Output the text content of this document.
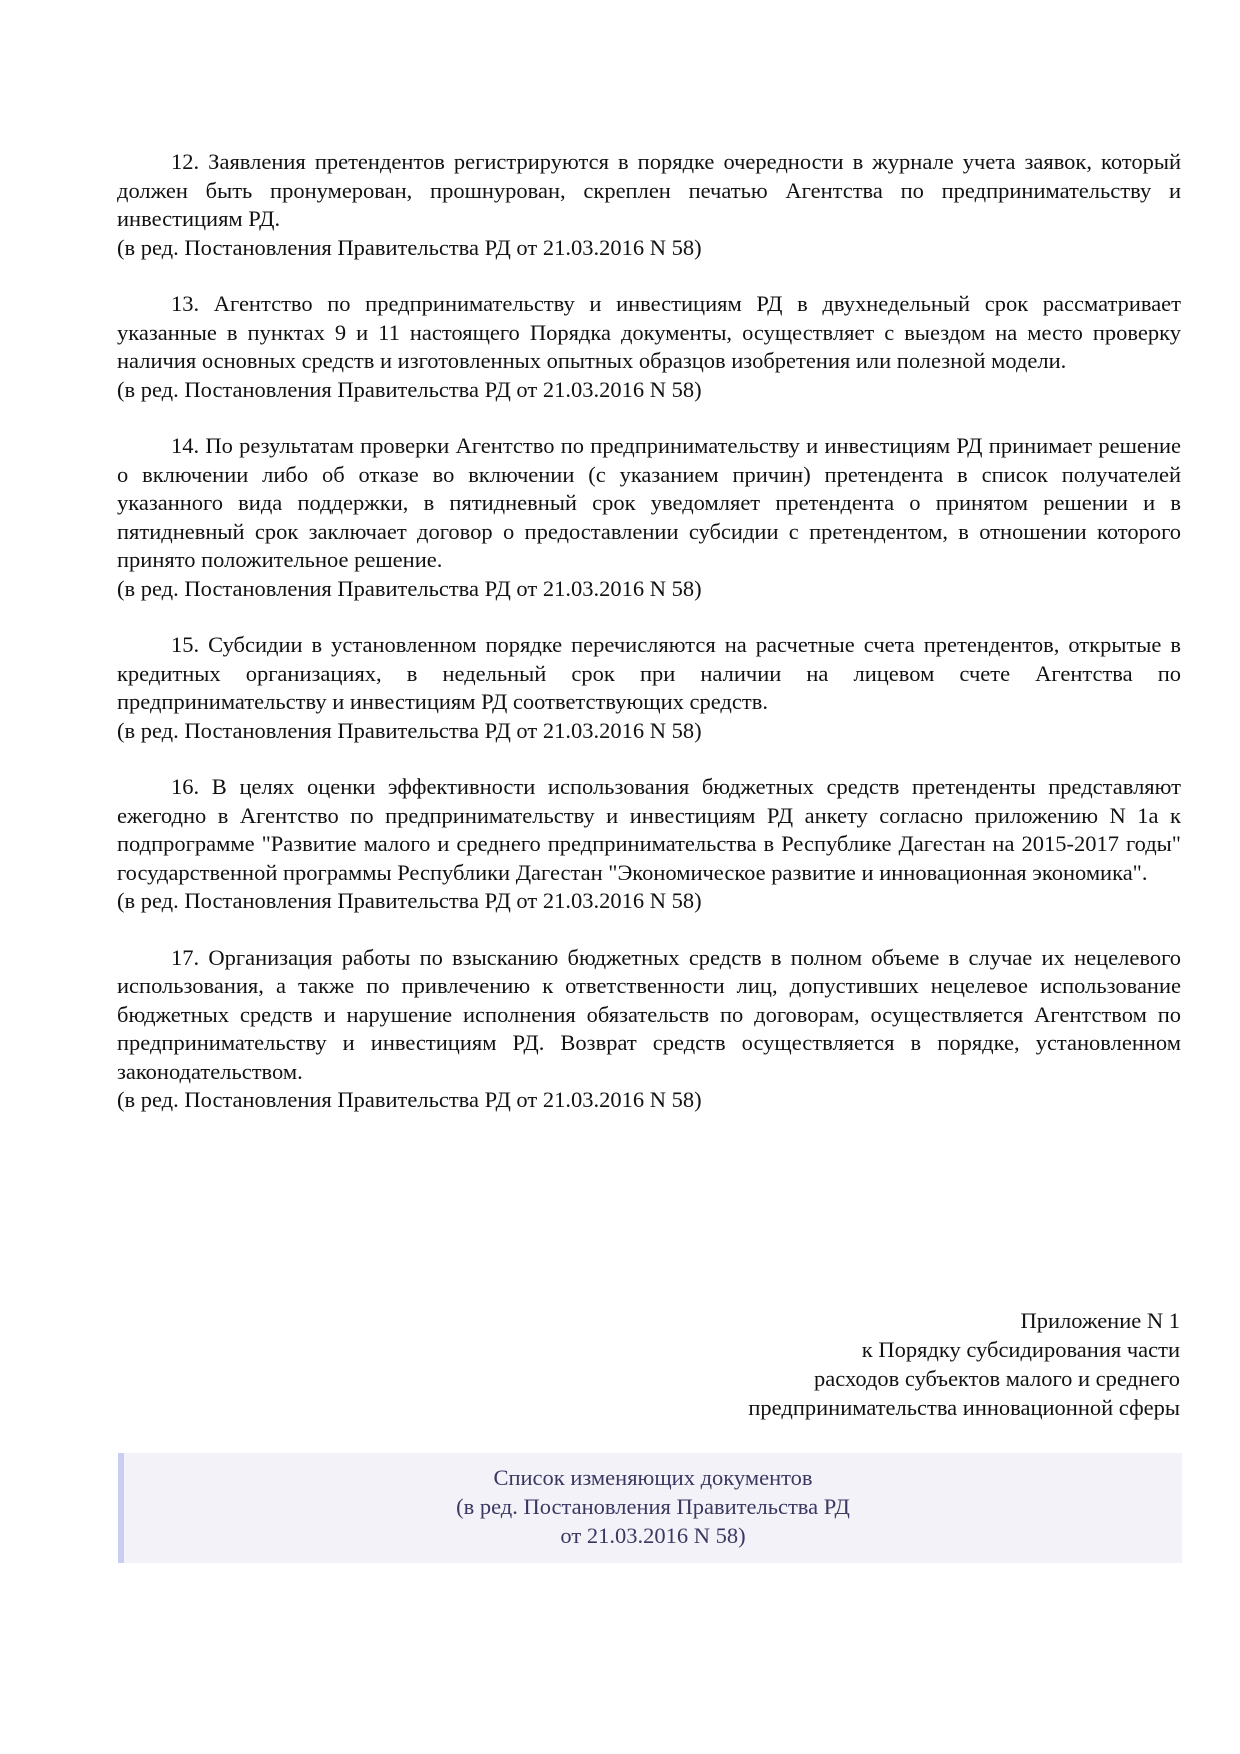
12. Заявления претендентов регистрируются в порядке очередности в журнале учета заявок, который должен быть пронумерован, прошнурован, скреплен печатью Агентства по предпринимательству и инвестициям РД.
(в ред. Постановления Правительства РД от 21.03.2016 N 58)
13. Агентство по предпринимательству и инвестициям РД в двухнедельный срок рассматривает указанные в пунктах 9 и 11 настоящего Порядка документы, осуществляет с выездом на место проверку наличия основных средств и изготовленных опытных образцов изобретения или полезной модели.
(в ред. Постановления Правительства РД от 21.03.2016 N 58)
14. По результатам проверки Агентство по предпринимательству и инвестициям РД принимает решение о включении либо об отказе во включении (с указанием причин) претендента в список получателей указанного вида поддержки, в пятидневный срок уведомляет претендента о принятом решении и в пятидневный срок заключает договор о предоставлении субсидии с претендентом, в отношении которого принято положительное решение.
(в ред. Постановления Правительства РД от 21.03.2016 N 58)
15. Субсидии в установленном порядке перечисляются на расчетные счета претендентов, открытые в кредитных организациях, в недельный срок при наличии на лицевом счете Агентства по предпринимательству и инвестициям РД соответствующих средств.
(в ред. Постановления Правительства РД от 21.03.2016 N 58)
16. В целях оценки эффективности использования бюджетных средств претенденты представляют ежегодно в Агентство по предпринимательству и инвестициям РД анкету согласно приложению N 1а к подпрограмме "Развитие малого и среднего предпринимательства в Республике Дагестан на 2015-2017 годы" государственной программы Республики Дагестан "Экономическое развитие и инновационная экономика".
(в ред. Постановления Правительства РД от 21.03.2016 N 58)
17. Организация работы по взысканию бюджетных средств в полном объеме в случае их нецелевого использования, а также по привлечению к ответственности лиц, допустивших нецелевое использование бюджетных средств и нарушение исполнения обязательств по договорам, осуществляется Агентством по предпринимательству и инвестициям РД. Возврат средств осуществляется в порядке, установленном законодательством.
(в ред. Постановления Правительства РД от 21.03.2016 N 58)
Приложение N 1
к Порядку субсидирования части
расходов субъектов малого и среднего
предпринимательства инновационной сферы
Список изменяющих документов
(в ред. Постановления Правительства РД
от 21.03.2016 N 58)
